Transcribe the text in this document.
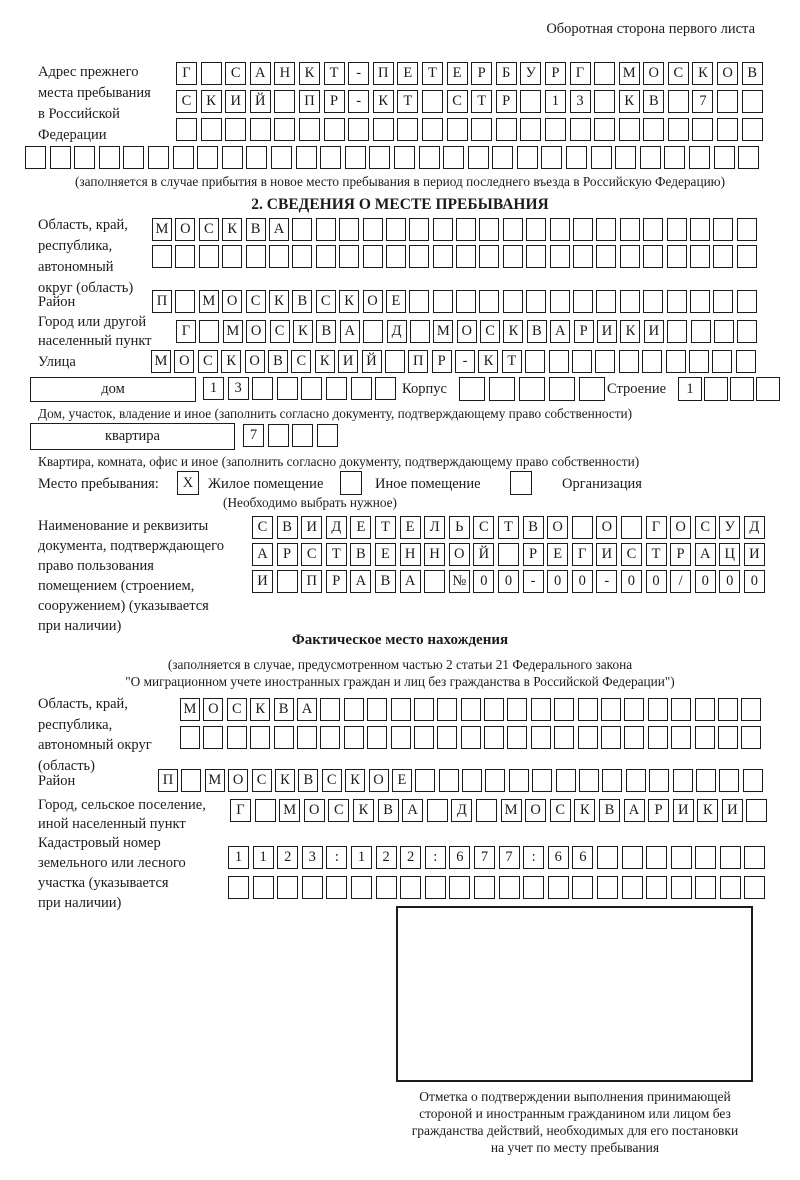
Оборотная сторона первого листа
Адрес прежнего
места пребывания
в Российской
Федерации
Г	С	А Н	К	Т	-	П	Е	Т	Е	Р	Б	У	Р	Г	М О	С	К	О	В
С	К	И Й	П	Р	-	К	Т	С	Т	Р	1	3	К	В	7
(заполняется в случае прибытия в новое место пребывания в период последнего въезда в Российскую Федерацию)
2. СВЕДЕНИЯ О МЕСТЕ ПРЕБЫВАНИЯ
Область, край,
республика,
автономный
округ (область)
М О С К В А
Район	П	М О С К В С К О Е
Город или другой
населенный пункт
Г	М О С К В А	Д	М О С К В А Р И К И
Улица	М О С К О В С К И Й	П Р	-	К Т
дом	1	3	Корпус	Строение	1
Дом, участок, владение и иное (заполнить согласно документу, подтверждающему право собственности)
квартира	7
Квартира, комната, офис и иное (заполнить согласно документу, подтверждающему право собственности)
Место пребывания:	X	Жилое помещение	Иное помещение	Организация
(Необходимо выбрать нужное)
Наименование и реквизиты
документа, подтверждающего
право пользования
помещением (строением,
сооружением) (указывается
при наличии)
С	В	И Д	Е	Т	Е	Л	Ь	С	Т	В	О	О	Г	О	С	У	Д
А	Р	С	Т	В	Е	Н Н О Й	Р	Е	Г	И	С	Т	Р	А Ц И
И	П	Р	А	В	А	№ 0	0	-	0	0	-	0	0	/	0	0	0
Фактическое место нахождения
(заполняется в случае, предусмотренном частью 2 статьи 21 Федерального закона
"О миграционном учете иностранных граждан и лиц без гражданства в Российской Федерации")
Область, край,
республика,
автономный округ
(область)
М О С К В А
Район	П	М О С К В С К О Е
Город, сельское поселение,
иной населенный пункт
Г	М О	С	К	В	А	Д	М О	С	К	В	А	Р	И	К	И
Кадастровый номер
земельного или лесного
участка (указывается
при наличии)
1	1	2	3	:	1	2	2	:	6	7	7	:	6	6
Отметка о подтверждении выполнения принимающей
стороной и иностранным гражданином или лицом без
гражданства действий, необходимых для его постановки
на учет по месту пребывания
